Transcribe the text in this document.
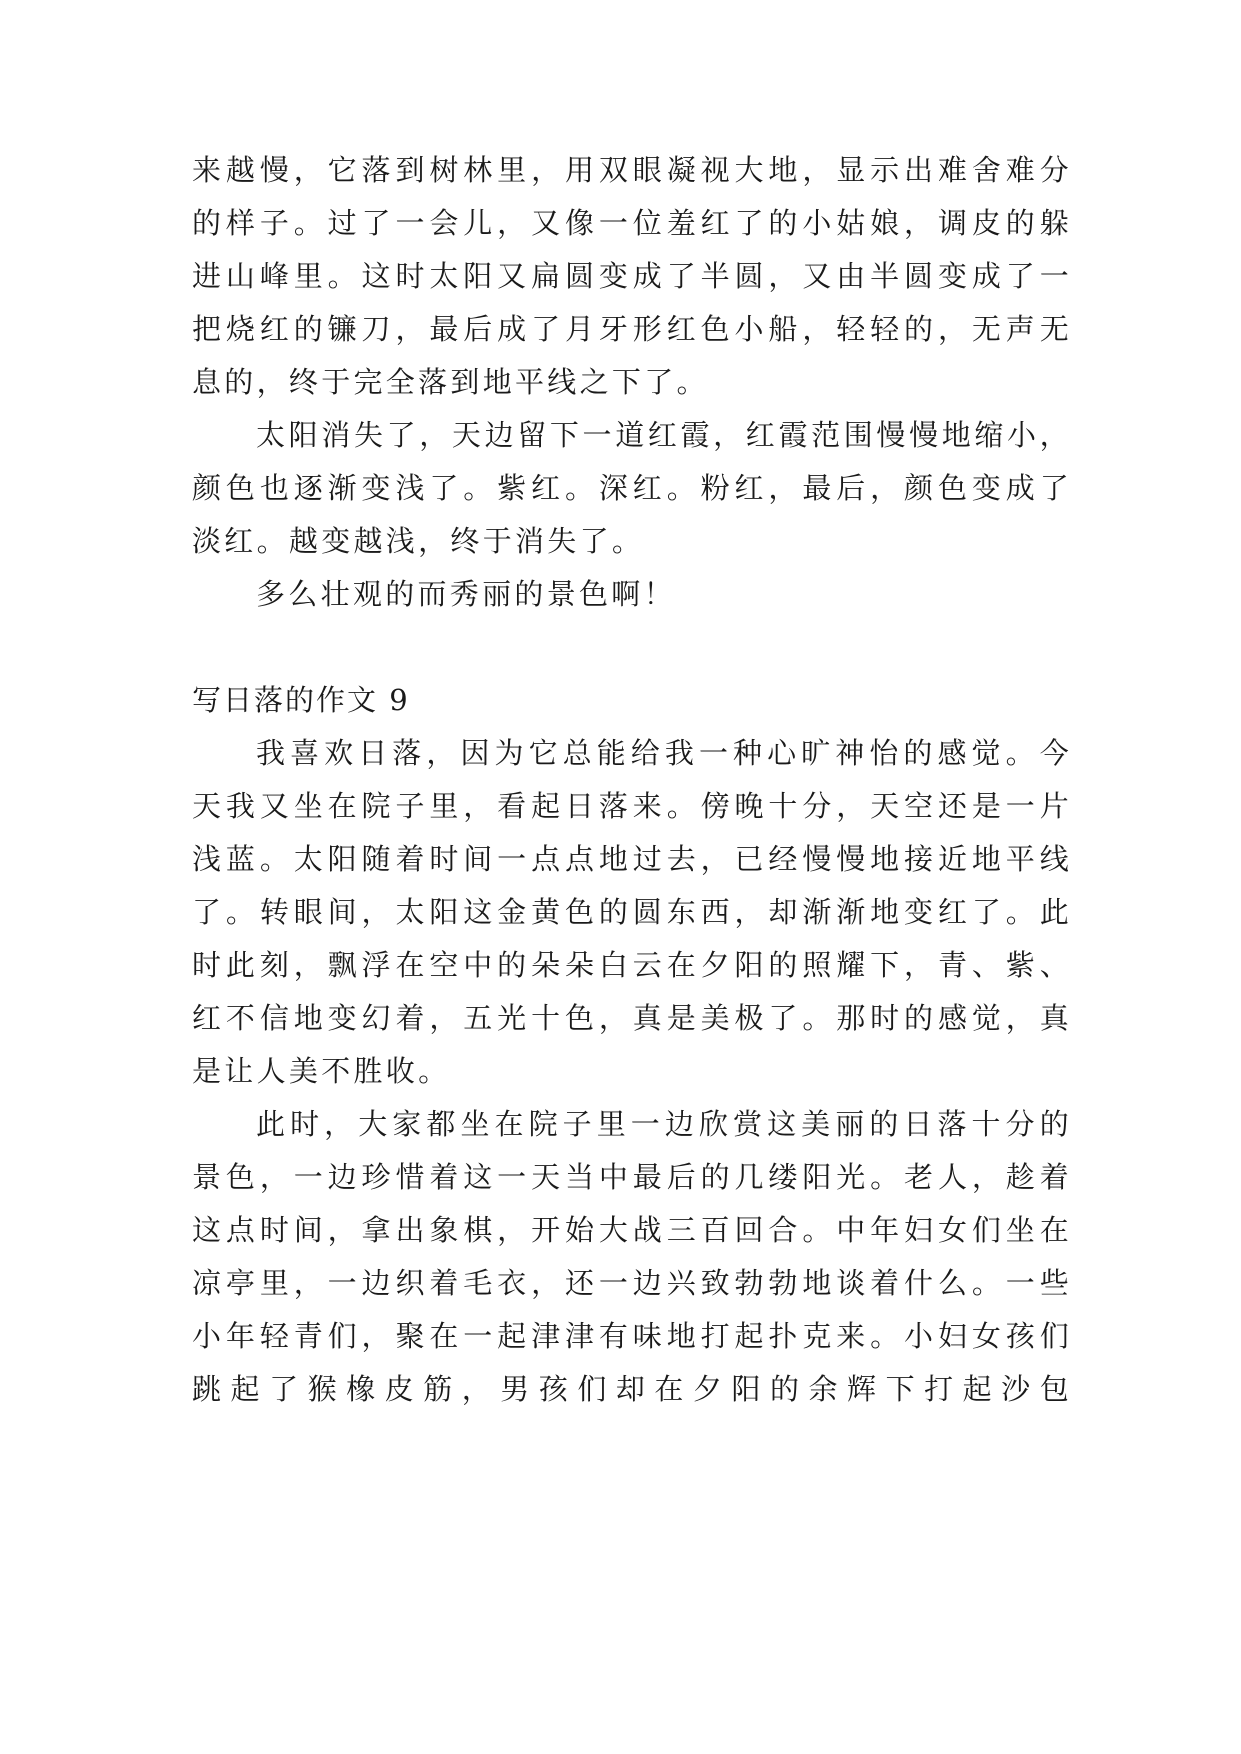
来越慢，它落到树林里，用双眼凝视大地，显示出难舍难分
的样子。过了一会儿，又像一位羞红了的小姑娘，调皮的躲
进山峰里。这时太阳又扁圆变成了半圆，又由半圆变成了一
把烧红的镰刀，最后成了月牙形红色小船，轻轻的，无声无
息的，终于完全落到地平线之下了。
太阳消失了，天边留下一道红霞，红霞范围慢慢地缩小，
颜色也逐渐变浅了。紫红。深红。粉红，最后，颜色变成了
淡红。越变越浅，终于消失了。
多么壮观的而秀丽的景色啊！
写日落的作文 9
我喜欢日落，因为它总能给我一种心旷神怡的感觉。今
天我又坐在院子里，看起日落来。傍晚十分，天空还是一片
浅蓝。太阳随着时间一点点地过去，已经慢慢地接近地平线
了。转眼间，太阳这金黄色的圆东西，却渐渐地变红了。此
时此刻，飘浮在空中的朵朵白云在夕阳的照耀下，青、紫、
红不信地变幻着，五光十色，真是美极了。那时的感觉，真
是让人美不胜收。
此时，大家都坐在院子里一边欣赏这美丽的日落十分的
景色，一边珍惜着这一天当中最后的几缕阳光。老人，趁着
这点时间，拿出象棋，开始大战三百回合。中年妇女们坐在
凉亭里，一边织着毛衣，还一边兴致勃勃地谈着什么。一些
小年轻青们，聚在一起津津有味地打起扑克来。小妇女孩们
跳起了猴橡皮筋，男孩们却在夕阳的余辉下打起沙包
